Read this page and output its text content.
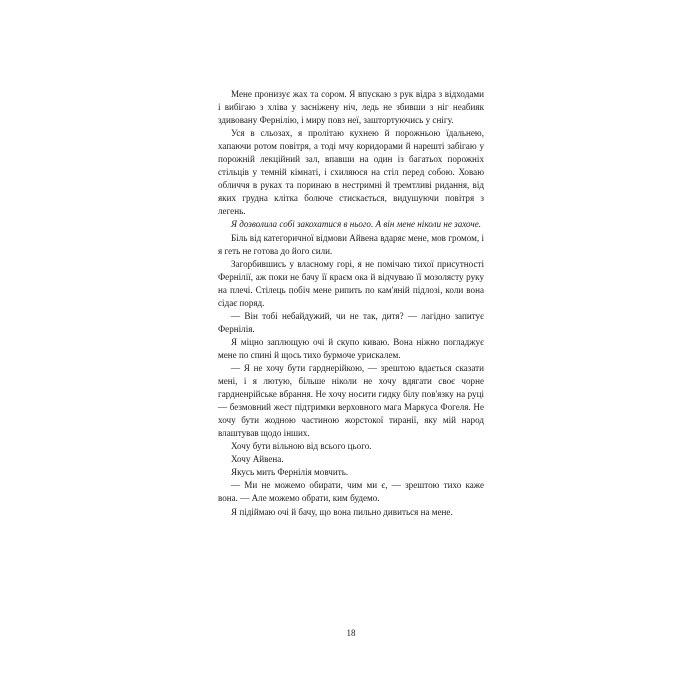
Мене пронизує жах та сором. Я впускаю з рук відра з відходами і вибігаю з хліва у засніжену ніч, ледь не збивши з ніг неабияк здивовану Фернілію, і миру повз неї, заштортуючись у снігу.

Уся в сльозах, я пролітаю кухнею й порожньою їдальнею, хапаючи ротом повітря, а тоді мчу коридорами й нарешті забігаю у порожній лекційний зал, впавши на один із багатьох порожніх стільців у темній кімнаті, і схиляюся на стіл перед собою. Ховаю обличчя в руках та поринаю в нестримні й тремтливі ридання, від яких грудна клітка болюче стискається, видушуючи повітря з легень.

Я дозволила собі закохатися в нього. А він мене ніколи не захоче.

Біль від категоричної відмови Айвена вдаряє мене, мов громом, і я геть не готова до його сили.

Загорбившись у власному горі, я не помічаю тихої присутності Фернілії, аж поки не бачу її краєм ока й відчуваю її мозолясту руку на плечі. Стілець побіч мене рипить по кам'яній підлозі, коли вона сідає поряд.

— Він тобі небайдужий, чи не так, дитя? — лагідно запитує Фернілія.

Я міцно заплющую очі й скупо киваю. Вона ніжно погладжує мене по спині й щось тихо бурмоче урискалем.

— Я не хочу бути гарднерійкою, — зрештою вдається сказати мені, і я лютую, більше ніколи не хочу вдягати своє чорне гардненрійське вбрання. Не хочу носити гидку білу пов'язку на руці — безмовний жест підтримки верховного мага Маркуса Фогеля. Не хочу бути жодною частиною жорстокої тиранії, яку мій народ влаштував щодо інших.

Хочу бути вільною від всього цього.

Хочу Айвена.

Якусь мить Фернілія мовчить.

— Ми не можемо обирати, чим ми є, — зрештою тихо каже вона. — Але можемо обрати, ким будемо.

Я підіймаю очі й бачу, що вона пильно дивиться на мене.

18
